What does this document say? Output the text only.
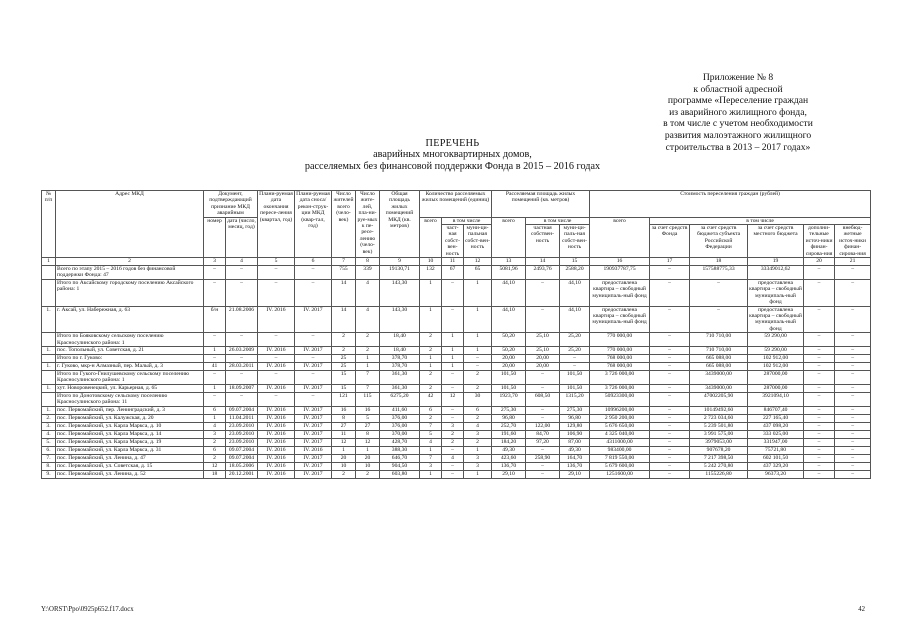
Приложение № 8
к областной адресной
программе «Переселение граждан
из аварийного жилищного фонда,
в том числе с учетом необходимости
развития малоэтажного жилищного
строительства в 2013 – 2017 годах»
ПЕРЕЧЕНЬ
аварийных многоквартирных домов,
расселяемых без финансовой поддержки Фонда в 2015 – 2016 годах
№ п/п	Адрес МКД	Документ, подтверждающий признание МКД аварийным		Плани-руемая дата окончания пересе-ления (квартал, год)	Плани-руемая дата сноса/ рекон-струк-ции МКД (квар-тал, год)	Число жителей всего (чело-век)	Число жите-лей, пла-ни-руе-мых к пе-ресе-лению (чело-век)	Общая площадь жилых помещений МКД (кв. метров)	Количество расселяемых жилых помещений (единиц)			Расселяемая площадь жилых помещений (кв. метров)			Стоимость переселения граждан (рублей)					
		номер	дата (число, месяц, год)						всего	в том числе		всего	в том числе		всего	в том числе				
										част-ная собст-вен-ность	муни-ци-пальная собст-вен-ность		частная собствен-ность	муни-ци-паль-ная собст-вен-ность		за счет средств Фонда	за счет средств бюджета субъекта Российской Федерации	за счет средств местного бюджета	дополни-тельные источ-ники финан-сирова-ния	внебюд-жетные источ-ники финан-сирова-ния
1	2	3	4	5	6	7	8	9	10	11	12	13	14	15	16	17	18	19	20	21
	Всего по этапу 2015 – 2016 годов без финансовой поддержки Фонда: 47	–	–	–	–	755	339	19130,71	132	67	65	5081,96	2493,76	2588,20	190937787,75	–	157588775,33	33349012,62	–	–
	Итого по Аксайскому городскому поселению Аксайского района: 1	–	–	–	–	14	4	143,30	1	–	1	44,10	–	44,10	предоставлена квартира – свободный муниципаль-ный фонд	–	–	предоставлена квартира – свободный муниципаль-ный фонд	–	–
1.	г. Аксай, ул. Набережная, д. 63	б/н	21.08.2006	IV. 2016	IV. 2017	14	4	143,30	1	–	1	44,10	–	44,10	предоставлена квартира – свободный муниципаль-ный фонд	–	–	предоставлена квартира – свободный муниципаль-ный фонд	–	–
	Итого по Бояковскому сельскому поселению Красносулинского района: 1	–	–	–	–	2	2	18,40	2	1	1	50,20	25,10	25,20	770 000,00	–	710 710,00	59 290,00	–	–
1.	пос. Топольный, ул. Советская, д. 21	1	26.03.2009	IV. 2016	IV. 2017	2	2	18,40	2	1	1	50,20	25,10	25,20	770 000,00	–	710 710,00	59 290,00	–	–
	Итого по г. Гуково:	–	–	–	–	25	1	378,70	1	1	–	20,00	20,00	–	768 000,00	–	665 088,00	102 912,00	–	–
1.	г. Гуково, мкр-н Алмазный, пер. Малый, д. 3	41	28.03.2011	IV. 2016	IV. 2017	25	1	378,70	1	1	–	20,00	20,00	–	768 000,00	–	665 088,00	102 912,00	–	–
	Итого по Гукого-Гнилушевскому сельскому поселению Красносулинского района: 1	–	–	–	–	15	7	361,30	2	–	2	101,50	–	101,50	3 726 000,00	–	3439000,00	287000,00	–	–
1.	хут. Новоровенецкий, ул. Карьерная, д. 65	1	18.09.2007	IV. 2016	IV. 2017	15	7	361,30	2	–	2	101,50	–	101,50	3 726 000,00	–	3439000,00	287000,00	–	–
	Итого по Донотовскому сельскому поселению Красносулинского района: 11	–	–	–	–	121	115	6275,20	42	12	30	1923,70	608,50	1315,20	50923300,00	–	47002205,90	3921094,10	–	–
1.	пос. Первомайский, пер. Ленинградский, д. 3	6	09.07.2004	IV. 2016	IV. 2017	16	16	411,60	6	–	6	275,30	–	275,30	10996200,00	–	10149492,60	846707,40	–	–
2.	пос. Первомайский, ул. Калужская, д. 20	1	11.04.2011	IV. 2016	IV. 2017	8	5	376,00	2	–	2	96,80	–	96,80	2 950 200,00	–	2 723 034,60	227 165,40	–	–
3.	пос. Первомайский, ул. Карла Маркса, д. 10	4	23.09.2010	IV. 2016	IV. 2017	27	27	376,00	7	3	4	252,70	122,00	129,80	5 676 650,00	–	5 239 501,80	437 098,20	–	–
4.	пос. Первомайский, ул. Карла Маркса, д. 14	3	23.09.2010	IV. 2016	IV. 2017	11	8	370,00	5	2	3	191,60	84,70	106,90	4 325 040,00	–	3 991 575,00	333 025,00	–	–
5.	пос. Первомайский, ул. Карла Маркса, д. 19	2	23.09.2010	IV. 2016	IV. 2017	12	12	428,70	4	2	2	184,20	97,20	87,00	4311000,00	–	3979053,00	331947,00	–	–
6.	пос. Первомайский, ул. Карла Маркса, д. 31	6	09.07.2004	IV. 2016	IV. 2016	1	1	388,30	1	–	1	49,30	–	49,30	983400,00	–	907678,20	75721,80	–	–
7.	пос. Первомайский, ул. Ленина, д. 47	2	09.07.2004	IV. 2016	IV. 2017	20	20	646,70	7	4	3	423,60	258,90	164,70	7 819 550,00	–	7 217 398,50	602 101,50	–	–
8.	пос. Первомайский, ул. Советская, д. 15	12	18.05.2006	IV. 2016	IV. 2017	10	10	904,50	3	–	3	136,70	–	136,70	5 679 600,00	–	5 242 270,80	437 329,20	–	–
9.	пос. Первомайский, ул. Ленина, д. 52	18	20.12.2001	IV. 2016	IV. 2017	2	2	603,80	1	–	1	29,10	–	29,10	1251600,00	–	1155226,80	96373,20	–	–
Y:\ORST\Ppo\0925p652.f17.docx	42
